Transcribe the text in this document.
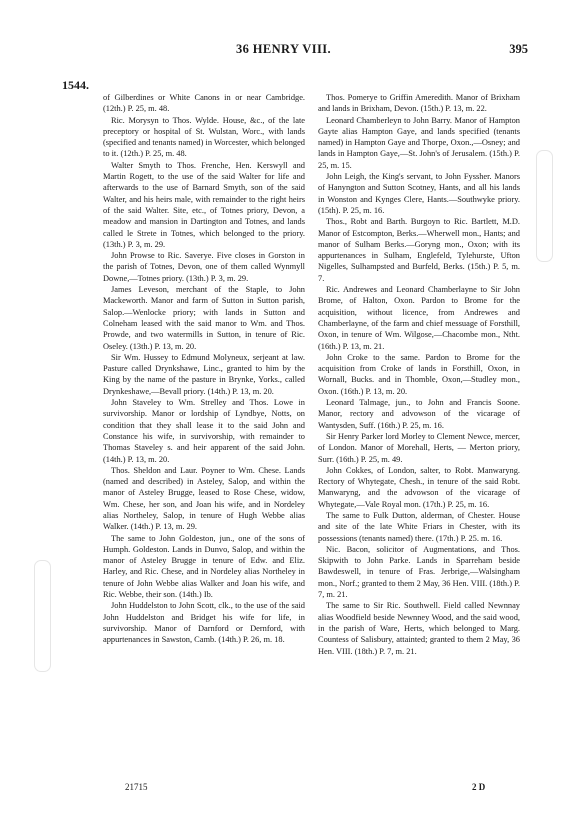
36 HENRY VIII.	395
1544.

of Gilberdines or White Canons in or near Cambridge. (12th.) P. 25, m. 48.

Ric. Morysyn to Thos. Wylde. House, &c., of the late preceptory or hospital of St. Wulstan, Worc., with lands (specified and tenants named) in Worcester, which belonged to it. (12th.) P. 25, m. 48.

Walter Smyth to Thos. Frenche, Hen. Kerswyll and Martin Rogett, to the use of the said Walter for life and afterwards to the use of Barnard Smyth, son of the said Walter, and his heirs male, with remainder to the right heirs of the said Walter. Site, etc., of Totnes priory, Devon, a meadow and mansion in Dartington and Totnes, and lands called le Strete in Totnes, which belonged to the priory. (13th.) P. 3, m. 29.

John Prowse to Ric. Saverye. Five closes in Gorston in the parish of Totnes, Devon, one of them called Wynmyll Downe,—Totnes priory. (13th.) P. 3, m. 29.

James Leveson, merchant of the Staple, to John Mackeworth. Manor and farm of Sutton in Sutton parish, Salop.—Wenlocke priory; with lands in Sutton and Colneham leased with the said manor to Wm. and Thos. Prowde, and two watermills in Sutton, in tenure of Ric. Oseley. (13th.) P. 13, m. 20.

Sir Wm. Hussey to Edmund Molyneux, serjeant at law. Pasture called Drynkshawe, Linc., granted to him by the King by the name of the pasture in Brynke, Yorks., called Drynkeshawe,—Bevall priory. (14th.) P. 13, m. 20.

John Staveley to Wm. Strelley and Thos. Lowe in survivorship. Manor or lordship of Lyndbye, Notts, on condition that they shall lease it to the said John and Constance his wife, in survivorship, with remainder to Thomas Staveley s. and heir apparent of the said John. (14th.) P. 13, m. 20.

Thos. Sheldon and Laur. Poyner to Wm. Chese. Lands (named and described) in Asteley, Salop, and within the manor of Asteley Brugge, leased to Rose Chese, widow, Wm. Chese, her son, and Joan his wife, and in Nordeley alias Northeley, Salop, in tenure of Hugh Webbe alias Walker. (14th.) P. 13, m. 29.

The same to John Goldeston, jun., one of the sons of Humph. Goldeston. Lands in Dunvo, Salop, and within the manor of Asteley Brugge in tenure of Edw. and Eliz. Harley, and Ric. Chese, and in Nordeley alias Northeley in tenure of John Webbe alias Walker and Joan his wife, and Ric. Webbe, their son. (14th.) Ib.

John Huddelston to John Scott, clk., to the use of the said John Huddelston and Bridget his wife for life, in survivorship. Manor of Darnford or Dernford, with appurtenances in Sawston, Camb. (14th.) P. 26, m. 18.

Thos. Pomerye to Griffin Ameredith. Manor of Brixham and lands in Brixham, Devon. (15th.) P. 13, m. 22.

Leonard Chamberleyn to John Barry. Manor of Hampton Gayte alias Hampton Gaye, and lands specified (tenants named) in Hampton Gaye and Thorpe, Oxon.,—Osney; and lands in Hampton Gaye,—St. John's of Jerusalem. (15th.) P. 25, m. 15.

John Leigh, the King's servant, to John Fyssher. Manors of Hanyngton and Sutton Scotney, Hants, and all his lands in Wonston and Kynges Clere, Hants.—Southwyke priory. (15th). P. 25, m. 16.

Thos., Robt and Barth. Burgoyn to Ric. Bartlett, M.D. Manor of Estcompton, Berks.—Wherwell mon., Hants; and manor of Sulham Berks.—Goryng mon., Oxon; with its appurtenances in Sulham, Englefeld, Tylehurste, Ufton Nigelles, Sulhampsted and Burfeld, Berks. (15th.) P. 5, m. 7.

Ric. Andrewes and Leonard Chamberlayne to Sir John Brome, of Halton, Oxon. Pardon to Brome for the acquisition, without licence, from Andrewes and Chamberlayne, of the farm and chief messuage of Forsthill, Oxon, in tenure of Wm. Wilgose,—Chacombe mon., Ntht. (16th.) P. 13, m. 21.

John Croke to the same. Pardon to Brome for the acquisition from Croke of lands in Forsthill, Oxon, in Wornall, Bucks. and in Thomble, Oxon,—Studley mon., Oxon. (16th.) P. 13, m. 20.

Leonard Talmage, jun., to John and Francis Soone. Manor, rectory and advowson of the vicarage of Wantysden, Suff. (16th.) P. 25, m. 16.

Sir Henry Parker lord Morley to Clement Newce, mercer, of London. Manor of Morehall, Herts, — Merton priory, Surr. (16th.) P. 25, m. 49.

John Cokkes, of London, salter, to Robt. Manwaryng. Rectory of Whytegate, Chesh., in tenure of the said Robt. Manwaryng, and the advowson of the vicarage of Whytegate,—Vale Royal mon. (17th.) P. 25, m. 16.

The same to Fulk Dutton, alderman, of Chester. House and site of the late White Friars in Chester, with its possessions (tenants named) there. (17th.) P. 25. m. 16.

Nic. Bacon, solicitor of Augmentations, and Thos. Skipwith to John Parke. Lands in Sparreham beside Bawdeswell, in tenure of Fras. Jerbrige,—Walsingham mon., Norf.; granted to them 2 May, 36 Hen. VIII. (18th.) P. 7, m. 21.

The same to Sir Ric. Southwell. Field called Newnnay alias Woodfield beside Newnney Wood, and the said wood, in the parish of Ware, Herts, which belonged to Marg. Countess of Salisbury, attainted; granted to them 2 May, 36 Hen. VIII. (18th.) P. 7, m. 21.

21715	2 D
